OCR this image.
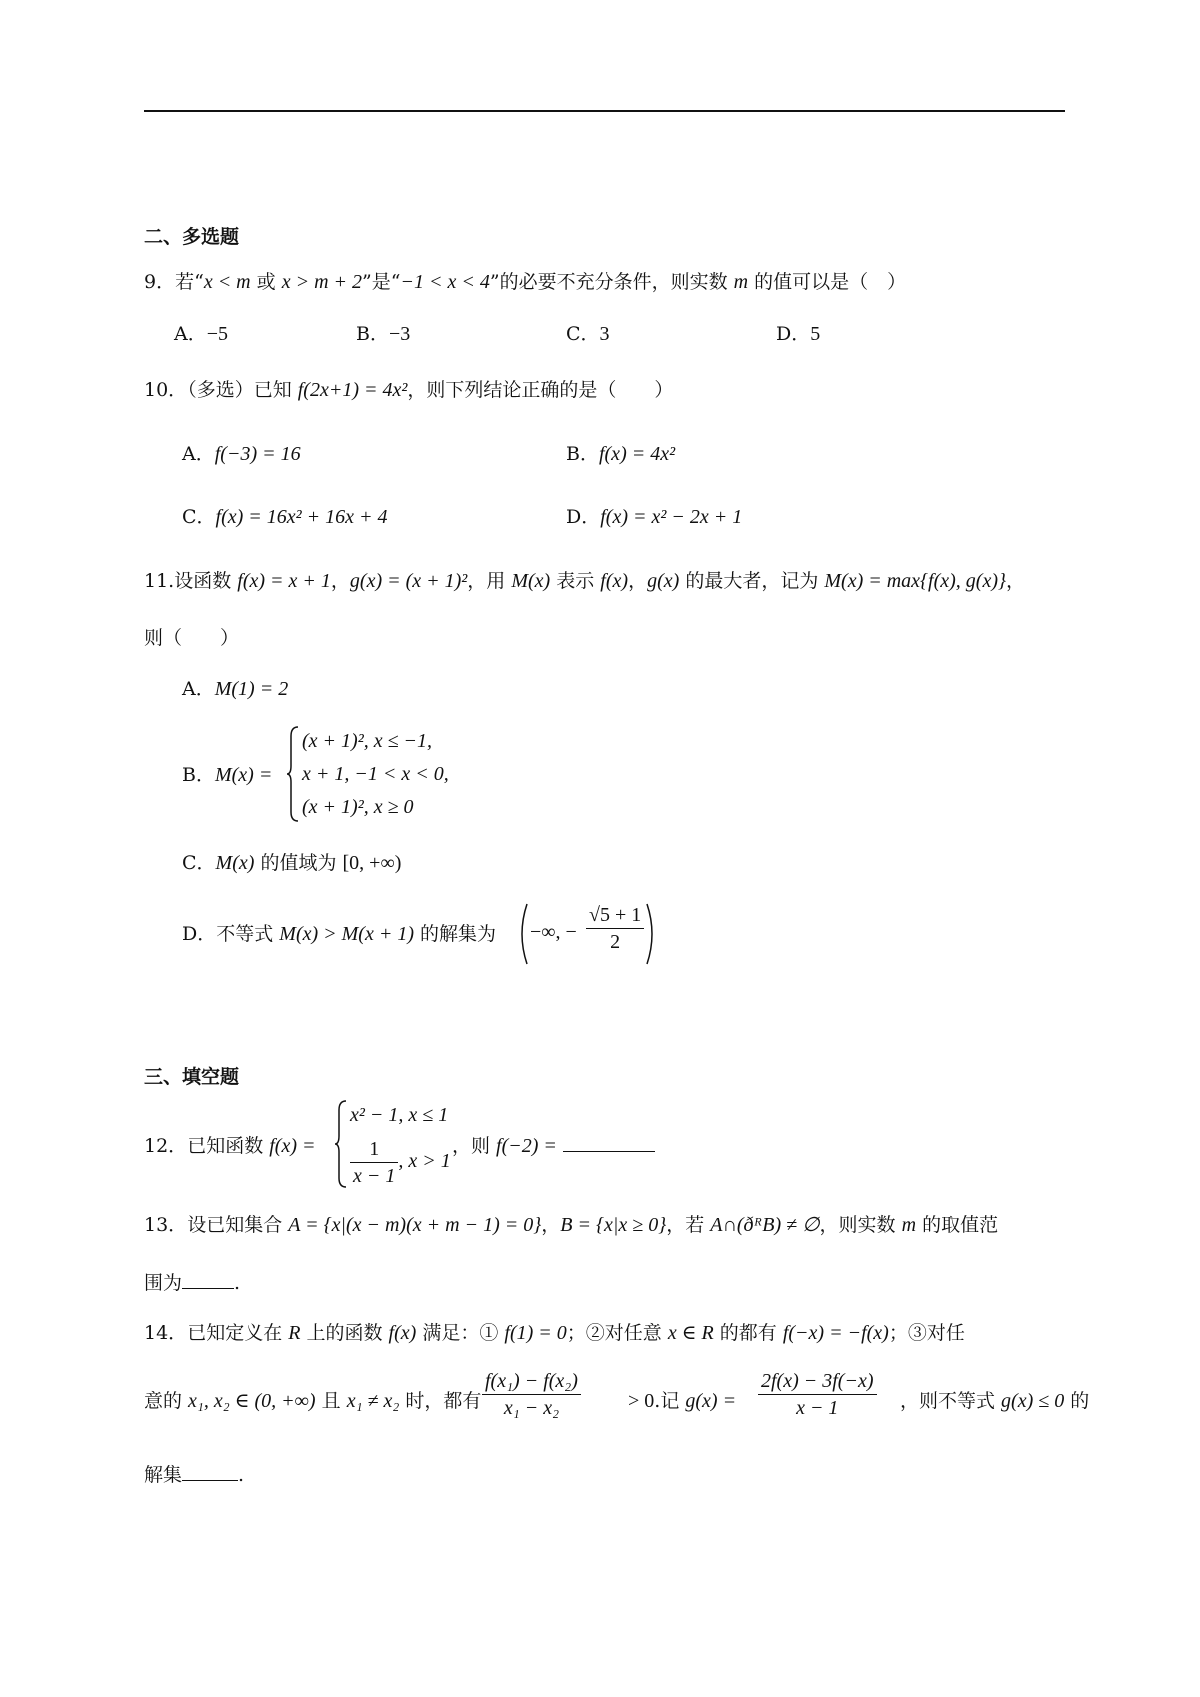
二、多选题
9．若“x < m 或 x > m + 2”是“−1 < x < 4”的必要不充分条件，则实数 m 的值可以是（　）
A．−5	B．−3	C．3	D．5
10．（多选）已知 f(2x+1) = 4x²，则下列结论正确的是（　　）
A．f(−3) = 16	B．f(x) = 4x²
C．f(x) = 16x² + 16x + 4	D．f(x) = x² − 2x + 1
11.设函数 f(x) = x + 1，g(x) = (x + 1)²，用 M(x) 表示 f(x)，g(x) 的最大者，记为 M(x) = max{f(x), g(x)}，
则（　　）
A．M(1) = 2
B．M(x) =
(x + 1)², x ≤ −1,
x + 1, −1 < x < 0,
(x + 1)², x ≥ 0
C．M(x) 的值域为 [0, +∞)
D．不等式 M(x) > M(x + 1) 的解集为 −∞, − $\frac{√5 + 1}{2}$
三、填空题
12．已知函数 f(x) =
x² − 1, x ≤ 1
$\frac{1}{x - 1}$ , x > 1
，则 f(−2) =
13．设已知集合 A = {x|(x − m)(x + m − 1) = 0}，B = {x|x ≥ 0}，若 A∩(ðᴿB) ≠ ∅，则实数 m 的取值范
围为	.
14．已知定义在 R 上的函数 f(x) 满足：① f(1) = 0；②对任意 x ∈ R 的都有 f(−x) = −f(x)；③对任
意的 x₁, x₂ ∈ (0, +∞) 且 x₁ ≠ x₂ 时，都有 $\frac{\text{f(x₁) − f(x₂)}}{\text{x₁ − x₂}} > 0$.记 $g(x) = \frac{2f(x) - 3f(-x)}{x - 1}$ ，则不等式 g(x) ≤ 0 的
解集	.
